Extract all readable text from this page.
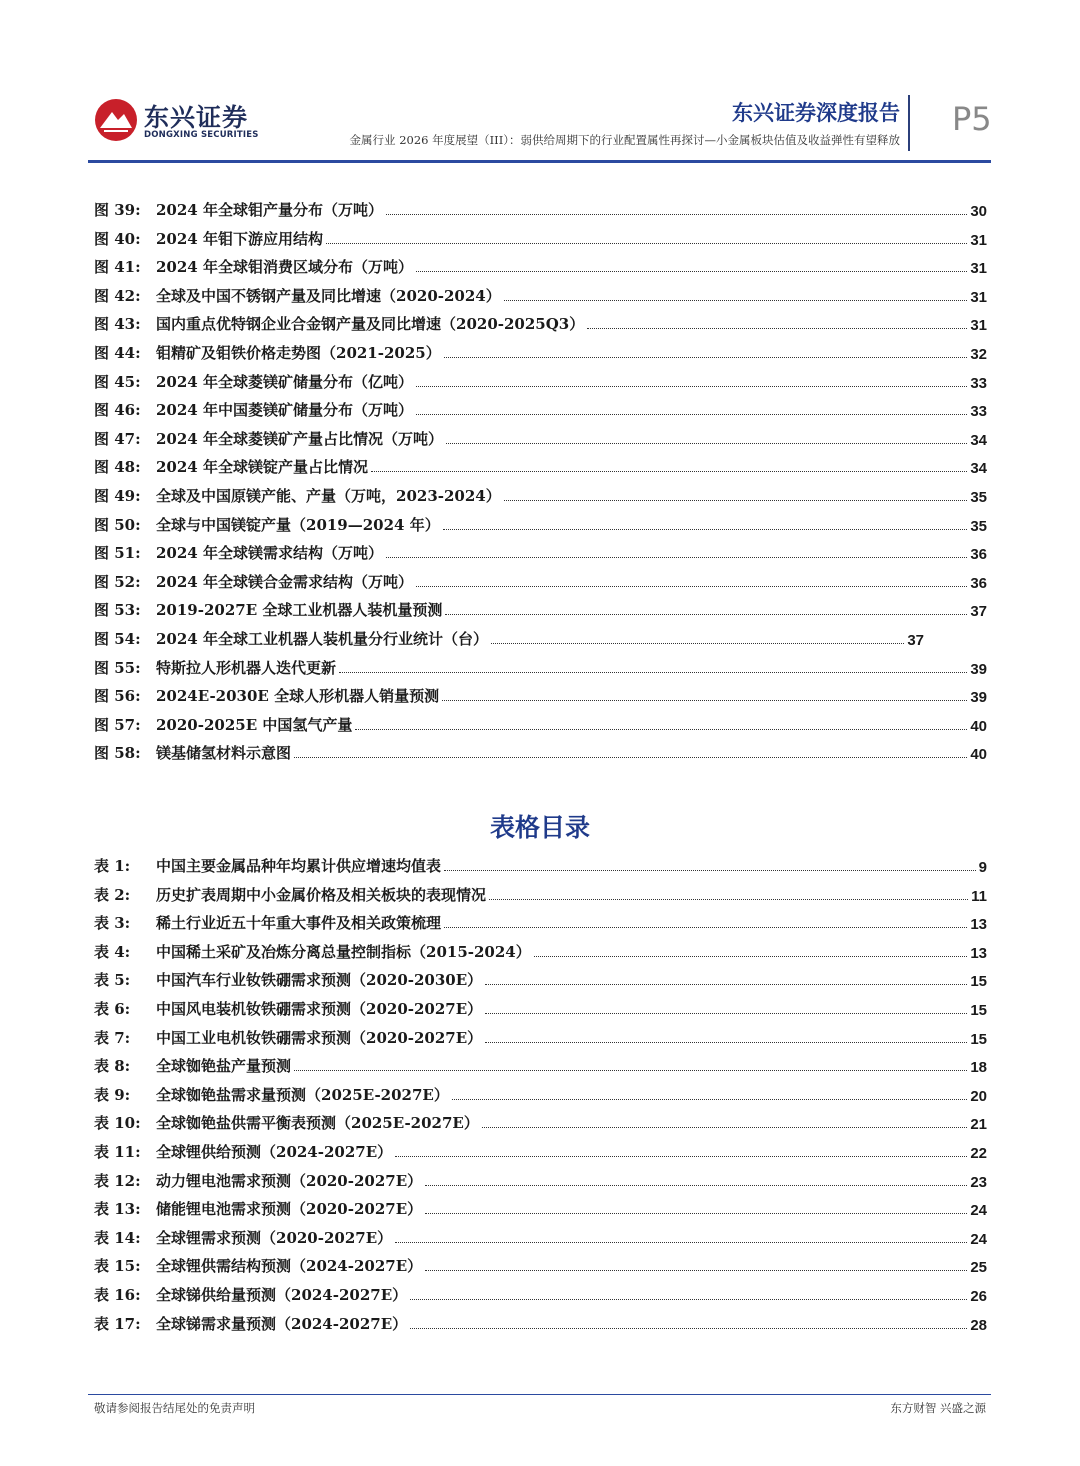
东兴证券
DONGXING SECURITIES
东兴证券深度报告
金属行业 2026 年度展望（III）：弱供给周期下的行业配置属性再探讨—小金属板块估值及收益弹性有望释放
P5
图 39:	2024 年全球钼产量分布（万吨）	30
图 40:	2024 年钼下游应用结构	31
图 41:	2024 年全球钼消费区域分布（万吨）	31
图 42:	全球及中国不锈钢产量及同比增速（2020-2024）	31
图 43:	国内重点优特钢企业合金钢产量及同比增速（2020-2025Q3）	31
图 44:	钼精矿及钼铁价格走势图（2021-2025）	32
图 45:	2024 年全球菱镁矿储量分布（亿吨）	33
图 46:	2024 年中国菱镁矿储量分布（万吨）	33
图 47:	2024 年全球菱镁矿产量占比情况（万吨）	34
图 48:	2024 年全球镁锭产量占比情况	34
图 49:	全球及中国原镁产能、产量（万吨，2023-2024）	35
图 50:	全球与中国镁锭产量（2019—2024 年）	35
图 51:	2024 年全球镁需求结构（万吨）	36
图 52:	2024 年全球镁合金需求结构（万吨）	36
图 53:	2019-2027E 全球工业机器人装机量预测	37
图 54:	2024 年全球工业机器人装机量分行业统计（台）	37
图 55:	特斯拉人形机器人迭代更新	39
图 56:	2024E-2030E 全球人形机器人销量预测	39
图 57:	2020-2025E 中国氢气产量	40
图 58:	镁基储氢材料示意图	40
表格目录
表 1:	中国主要金属品种年均累计供应增速均值表	9
表 2:	历史扩表周期中小金属价格及相关板块的表现情况	11
表 3:	稀土行业近五十年重大事件及相关政策梳理	13
表 4:	中国稀土采矿及冶炼分离总量控制指标（2015-2024）	13
表 5:	中国汽车行业钕铁硼需求预测（2020-2030E）	15
表 6:	中国风电装机钕铁硼需求预测（2020-2027E）	15
表 7:	中国工业电机钕铁硼需求预测（2020-2027E）	15
表 8:	全球铷铯盐产量预测	18
表 9:	全球铷铯盐需求量预测（2025E-2027E）	20
表 10:	全球铷铯盐供需平衡表预测（2025E-2027E）	21
表 11:	全球锂供给预测（2024-2027E）	22
表 12:	动力锂电池需求预测（2020-2027E）	23
表 13:	储能锂电池需求预测（2020-2027E）	24
表 14:	全球锂需求预测（2020-2027E）	24
表 15:	全球锂供需结构预测（2024-2027E）	25
表 16:	全球锑供给量预测（2024-2027E）	26
表 17:	全球锑需求量预测（2024-2027E）	28
敬请参阅报告结尾处的免责声明	东方财智 兴盛之源
